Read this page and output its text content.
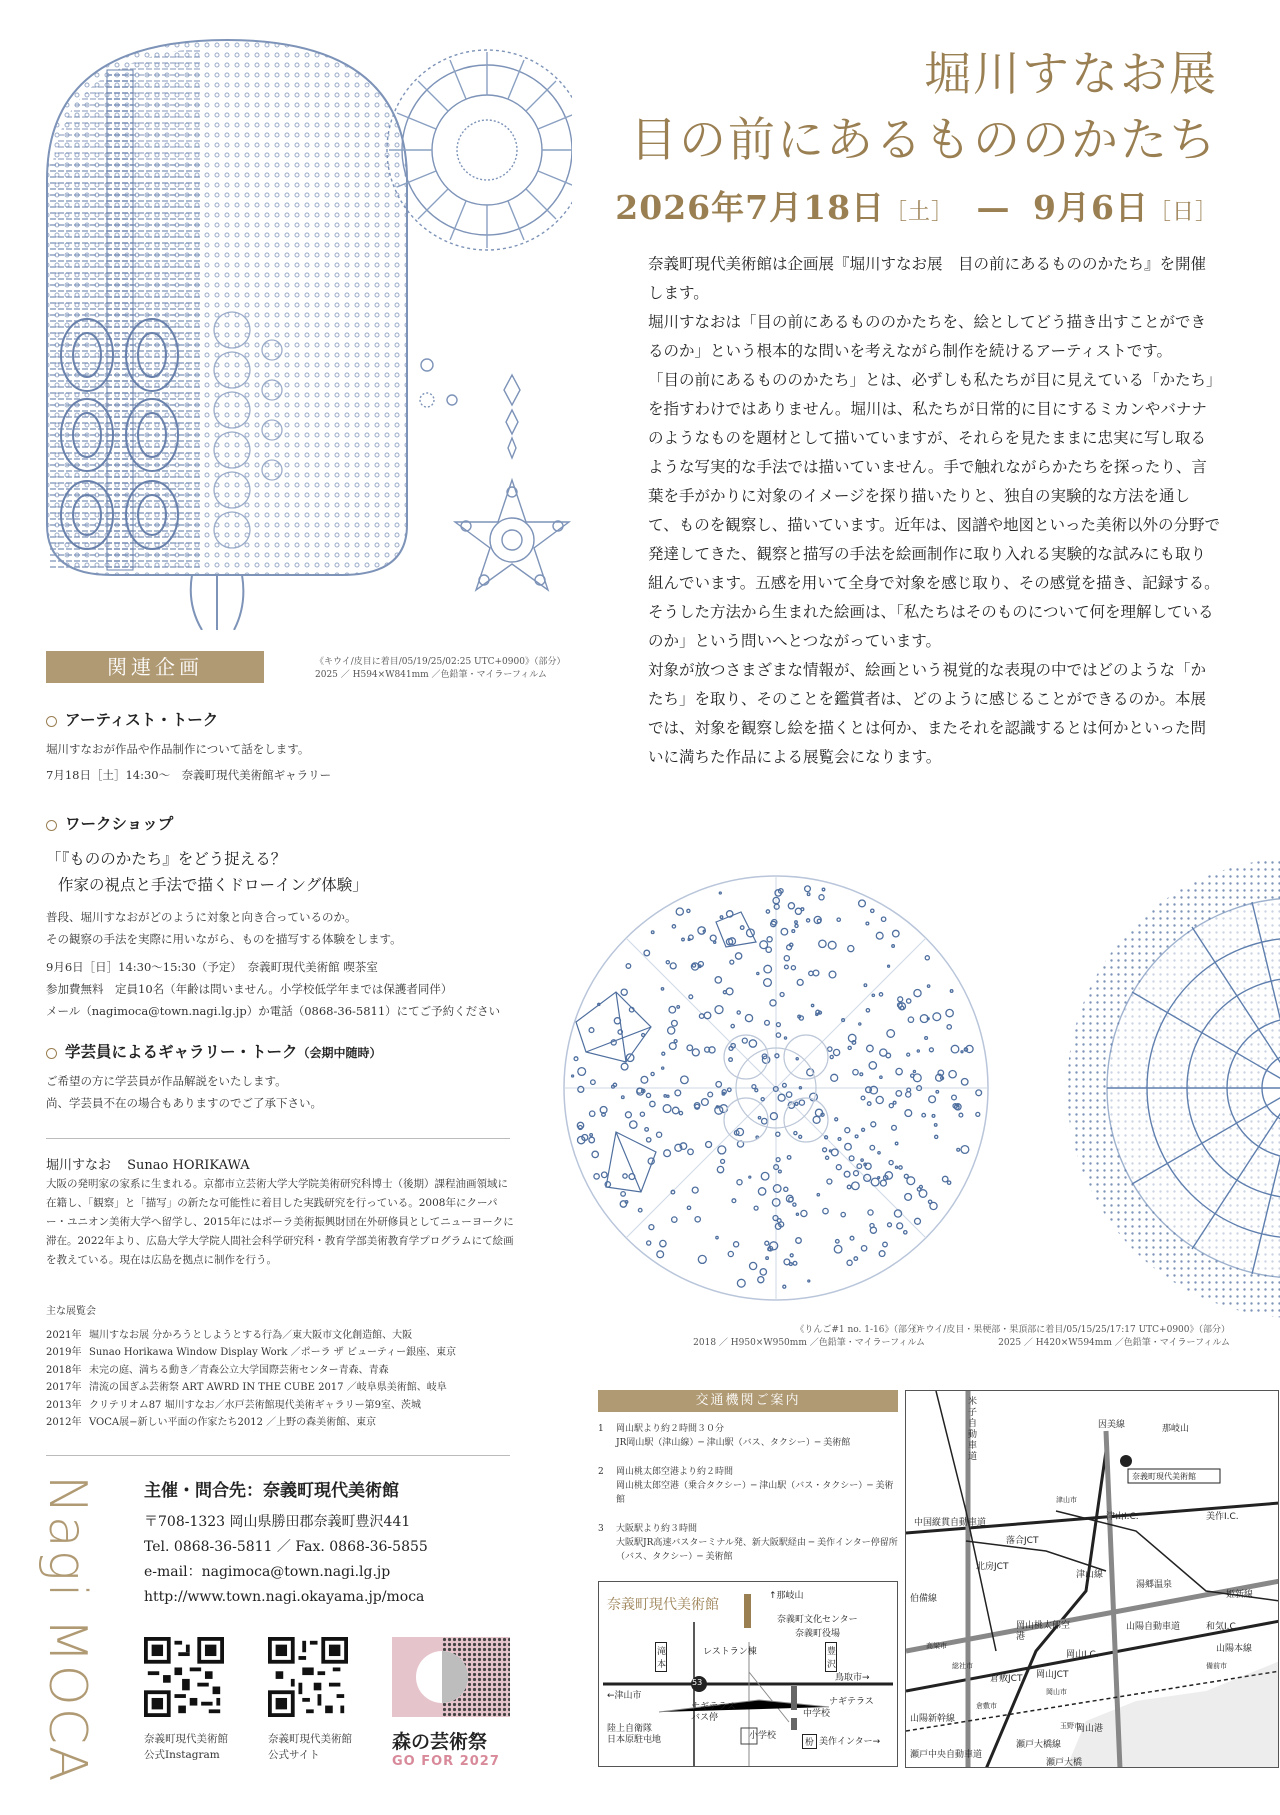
堀川すなお展
目の前にあるもののかたち
2026年7月18日［土］ — 9月6日［日］

奈義町現代美術館は企画展『堀川すなお展　目の前にあるもののかたち』を開催します。

堀川すなおは「目の前にあるもののかたちを、絵としてどう描き出すことができるのか」という根本的な問いを考えながら制作を続けるアーティストです。

「目の前にあるもののかたち」とは、必ずしも私たちが目に見えている「かたち」を指すわけではありません。堀川は、私たちが日常的に目にするミカンやバナナのようなものを題材として描いていますが、それらを見たままに忠実に写し取るような写実的な手法では描いていません。手で触れながらかたちを探ったり、言葉を手がかりに対象のイメージを探り描いたりと、独自の実験的な方法を通して、ものを観察し、描いています。近年は、図譜や地図といった美術以外の分野で発達してきた、観察と描写の手法を絵画制作に取り入れる実験的な試みにも取り組んでいます。五感を用いて全身で対象を感じ取り、その感覚を描き、記録する。そうした方法から生まれた絵画は、「私たちはそのものについて何を理解しているのか」という問いへとつながっています。

対象が放つさまざまな情報が、絵画という視覚的な表現の中ではどのような「かたち」を取り、そのことを鑑賞者は、どのように感じることができるのか。本展では、対象を観察し絵を描くとは何か、またそれを認識するとは何かといった問いに満ちた作品による展覧会になります。

《キウイ/皮目に着目/05/19/25/02:25 UTC+0900》（部分）
2025 ／ H594×W841mm ／色鉛筆・マイラーフィルム
関連企画
アーティスト・トーク
堀川すなおが作品や作品制作について話をします。
7月18日［土］14:30〜　奈義町現代美術館ギャラリー
ワークショップ
「『もののかたち』をどう捉える？
作家の視点と手法で描くドローイング体験」
普段、堀川すなおがどのように対象と向き合っているのか。
その観察の手法を実際に用いながら、ものを描写する体験をします。
9月6日［日］14:30〜15:30（予定）　奈義町現代美術館 喫茶室
参加費無料　定員10名（年齢は問いません。小学校低学年までは保護者同伴）
メール（nagimoca@town.nagi.lg.jp）か電話（0868-36-5811）にてご予約ください
学芸員によるギャラリー・トーク（会期中随時）
ご希望の方に学芸員が作品解説をいたします。
尚、学芸員不在の場合もありますのでご了承下さい。
堀川すなお Sunao HORIKAWA
大阪の発明家の家系に生まれる。京都市立芸術大学大学院美術研究科博士（後期）課程油画領域に在籍し、「観察」と「描写」の新たな可能性に着目した実践研究を行っている。2008年にクーパー・ユニオン美術大学へ留学し、2015年にはポーラ美術振興財団在外研修員としてニューヨークに滞在。2022年より、広島大学大学院人間社会科学研究科・教育学部美術教育学プログラムにて絵画を教えている。現在は広島を拠点に制作を行う。
主な展覧会
2021年 堀川すなお展 分かろうとしようとする行為／東大阪市文化創造館、大阪
2019年 Sunao Horikawa Window Display Work ／ポーラ ザ ビューティー銀座、東京
2018年 未完の庭、満ちる動き／青森公立大学国際芸術センター青森、青森
2017年 清流の国ぎふ芸術祭 ART AWRD IN THE CUBE 2017 ／岐阜県美術館、岐阜
2013年 クリテリオム87 堀川すなお／水戸芸術館現代美術ギャラリー第9室、茨城
2012年 VOCA展−新しい平面の作家たち2012 ／上野の森美術館、東京
Nagi MOCA	主催・問合先：奈義町現代美術館
〒708-1323 岡山県勝田郡奈義町豊沢441
Tel. 0868-36-5811 ／ Fax. 0868-36-5855
e-mail：nagimoca@town.nagi.lg.jp
http://www.town.nagi.okayama.jp/moca
奈義町現代美術館
公式Instagram
奈義町現代美術館
公式サイト
森の芸術祭
GO FOR 2027
《りんご#1 no. 1-16》（部分）
2018 ／ H950×W950mm ／色鉛筆・マイラーフィルム
《キウイ/皮目・果梗部・果頂部に着目/05/15/25/17:17 UTC+0900》（部分）
2025 ／ H420×W594mm ／色鉛筆・マイラーフィルム
交通機関ご案内
1 岡山駅より約２時間３０分
JR岡山駅（津山線）─ 津山駅（バス、タクシー）─ 美術館
2 岡山桃太郎空港より約２時間
岡山桃太郎空港（乗合タクシー）─ 津山駅（バス・タクシー）─ 美術館
3 大阪駅より約３時間
大阪駅JR高速バスターミナル発、新大阪駅経由 ─ 美作インター停留所（バス、タクシー）─ 美術館
奈義町現代美術館
↑那岐山
奈義町文化センター
奈義町役場
レストラン棟
滝本
豊沢
←津山市
53	鳥取市→
ナギテラス
ナギテラス
バス停
陸上自衛隊
日本原駐屯地
中学校
小学校
枌 美作インター→
米子自動車道
因美線	那岐山
奈義町現代美術館
中国縦貫自動車道
落合JCT
津山I.C.	美作I.C.
北房JCT
津山線
湯郷温泉
姫新線
伯備線
岡山桃太郎空港
山陽自動車道	和気I.C.
山陽本線
倉敷JCT 岡山JCT
岡山I.C.
山陽新幹線
岡山港
瀬戸中央自動車道
瀬戸大橋線
瀬戸大橋
岡山市
倉敷市
玉野市
高梁市
備前市
総社市
津山市
